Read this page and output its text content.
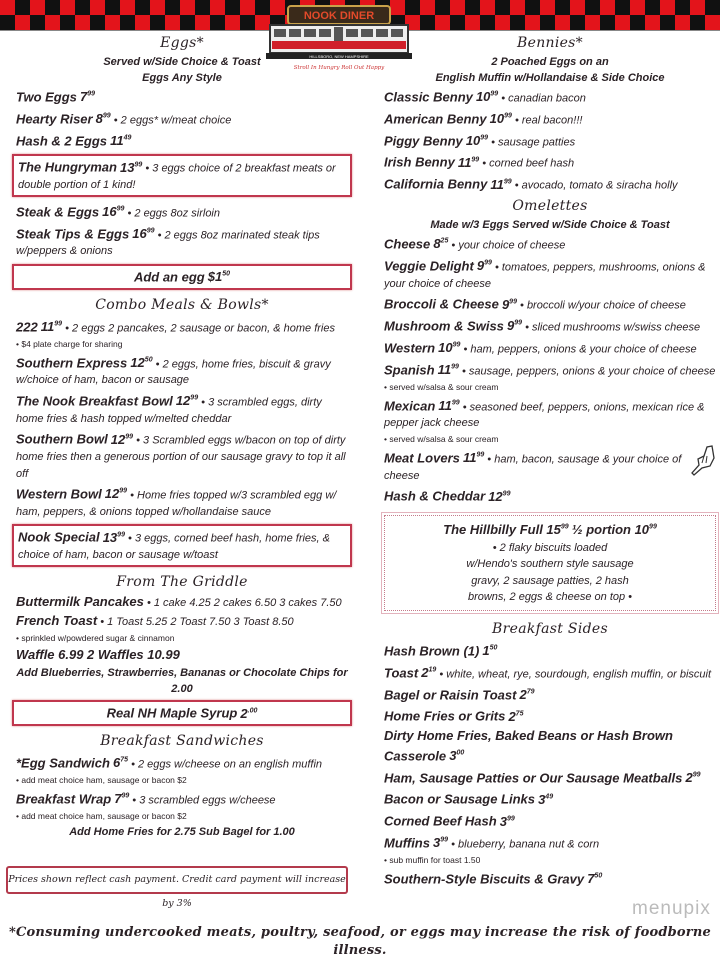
NOOK DINER
HILLSBORO, NEW HAMPSHIRE
Stroll In Hungry Roll Out Happy
Eggs*
Served w/Side Choice & Toast
Eggs Any Style
Two Eggs $7^{99}$
Hearty Riser $8^{99}$ • 2 eggs* w/meat choice
Hash & 2 Eggs $11^{49}$
The Hungryman $13^{99}$ • 3 eggs choice of 2 breakfast meats or double portion of 1 kind!
Steak & Eggs $16^{99}$ • 2 eggs 8oz sirloin
Steak Tips & Eggs $16^{99}$ • 2 eggs 8oz marinated steak tips w/peppers & onions
Add an egg $\$1^{50}$
Combo Meals & Bowls*
222 $11^{99}$ • 2 eggs 2 pancakes, 2 sausage or bacon, & home fries
• $4 plate charge for sharing
Southern Express $12^{50}$ • 2 eggs, home fries, biscuit & gravy w/choice of ham, bacon or sausage
The Nook Breakfast Bowl $12^{99}$ • 3 scrambled eggs, dirty home fries & hash topped w/melted cheddar
Southern Bowl $12^{99}$ • 3 Scrambled eggs w/bacon on top of dirty home fries then a generous portion of our sausage gravy to top it all off
Western Bowl $12^{99}$ • Home fries topped w/3 scrambled egg w/ ham, peppers, & onions topped w/hollandaise sauce
Nook Special $13^{99}$ • 3 eggs, corned beef hash, home fries, & choice of ham, bacon or sausage w/toast
From The Griddle
Buttermilk Pancakes • 1 cake 4.25 2 cakes 6.50 3 cakes 7.50
French Toast • 1 Toast 5.25 2 Toast 7.50 3 Toast 8.50
• sprinkled w/powdered sugar & cinnamon
Waffle 6.99 2 Waffles 10.99
Add Blueberries, Strawberries, Bananas or Chocolate Chips for 2.00
Real NH Maple Syrup $2^{.00}$
Breakfast Sandwiches
*Egg Sandwich $6^{75}$ • 2 eggs w/cheese on an english muffin
• add meat choice ham, sausage or bacon $2
Breakfast Wrap $7^{99}$ • 3 scrambled eggs w/cheese
• add meat choice ham, sausage or bacon $2
Add Home Fries for 2.75 Sub Bagel for 1.00
Bennies*
2 Poached Eggs on an
English Muffin w/Hollandaise & Side Choice
Classic Benny $10^{99}$ • canadian bacon
American Benny $10^{99}$ • real bacon!!!
Piggy Benny $10^{99}$ • sausage patties
Irish Benny $11^{99}$ • corned beef hash
California Benny $11^{99}$ • avocado, tomato & siracha holly
Omelettes
Made w/3 Eggs Served w/Side Choice & Toast
Cheese $8^{25}$ • your choice of cheese
Veggie Delight $9^{99}$ • tomatoes, peppers, mushrooms, onions & your choice of cheese
Broccoli & Cheese $9^{99}$ • broccoli w/your choice of cheese
Mushroom & Swiss $9^{99}$ • sliced mushrooms w/swiss cheese
Western $10^{99}$ • ham, peppers, onions & your choice of cheese
Spanish $11^{99}$ • sausage, peppers, onions & your choice of cheese
• served w/salsa & sour cream
Mexican $11^{99}$ • seasoned beef, peppers, onions, mexican rice & pepper jack cheese
• served w/salsa & sour cream
Meat Lovers $11^{99}$ • ham, bacon, sausage & your choice of cheese
Hash & Cheddar $12^{99}$
The Hillbilly Full $15^{99}$ ½ portion $10^{99}$
• 2 flaky biscuits loaded
w/Hendo's southern style sausage
gravy, 2 sausage patties, 2 hash
browns, 2 eggs & cheese on top •
Breakfast Sides
Hash Brown (1) $1^{50}$
Toast $2^{19}$ • white, wheat, rye, sourdough, english muffin, or biscuit
Bagel or Raisin Toast $2^{79}$
Home Fries or Grits $2^{75}$
Dirty Home Fries, Baked Beans or Hash Brown Casserole $3^{00}$
Ham, Sausage Patties or Our Sausage Meatballs $2^{99}$
Bacon or Sausage Links $3^{49}$
Corned Beef Hash $3^{99}$
Muffins $3^{99}$ • blueberry, banana nut & corn
• sub muffin for toast 1.50
Southern-Style Biscuits & Gravy $7^{50}$
Prices shown reflect cash payment. Credit card payment will increase by 3%	menupix
*Consuming undercooked meats, poultry, seafood, or eggs may increase the risk of foodborne illness.
